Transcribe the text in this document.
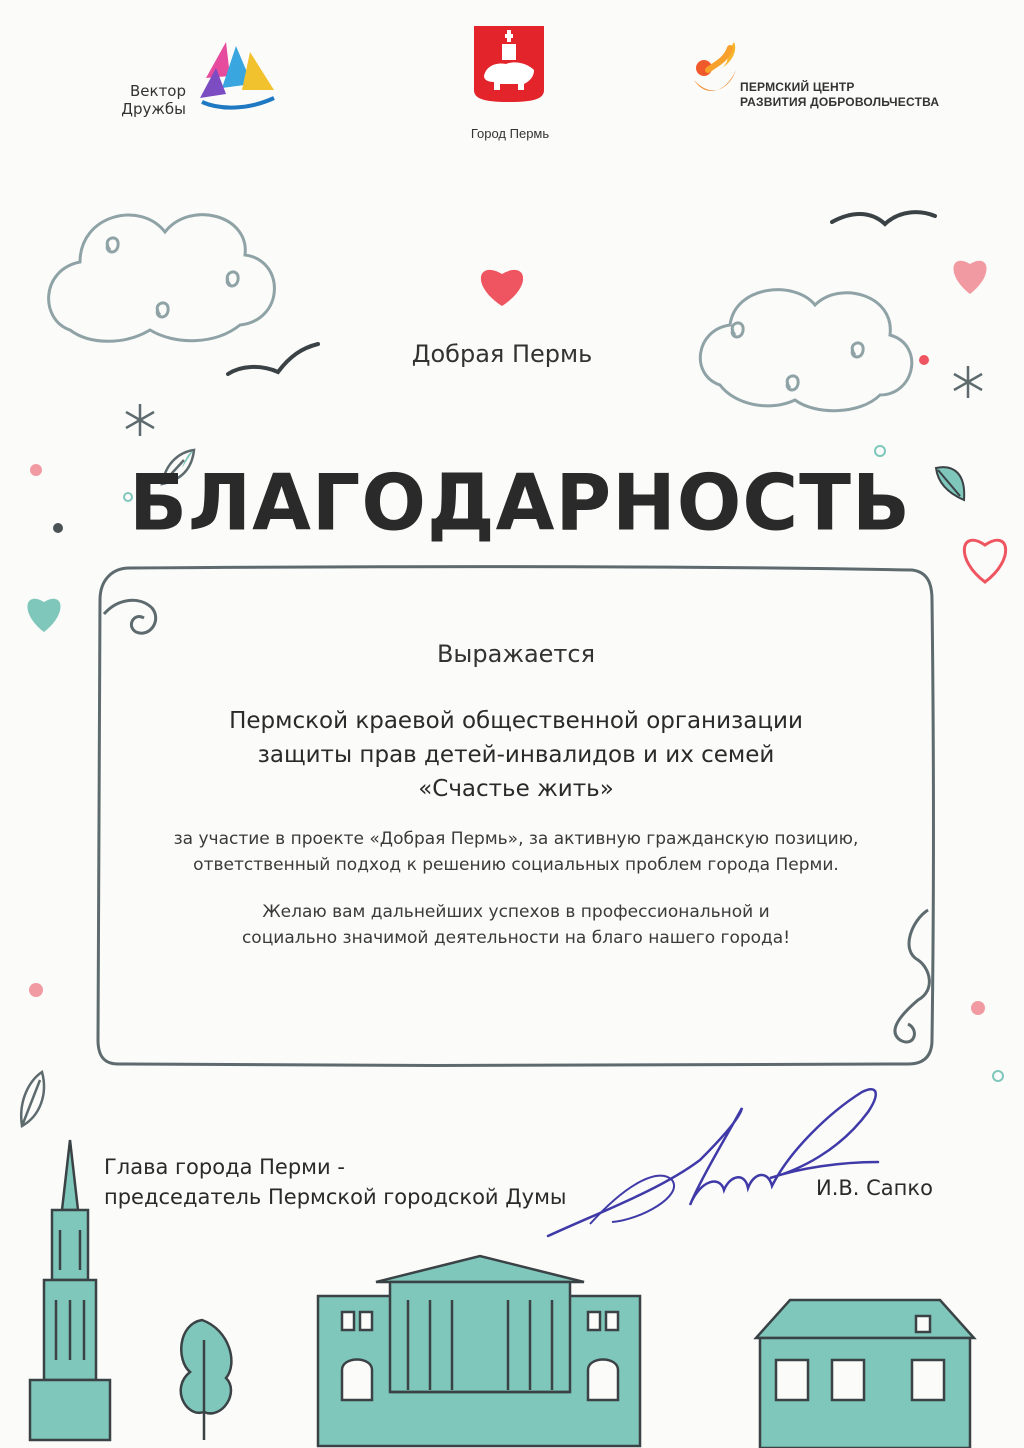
Вектор
Дружбы
Город Пермь
ПЕРМСКИЙ ЦЕНТР
РАЗВИТИЯ ДОБРОВОЛЬЧЕСТВА
Добрая Пермь
БЛАГОДАРНОСТЬ
Выражается
Пермской краевой общественной организации
защиты прав детей-инвалидов и их семей
«Счастье жить»
за участие в проекте «Добрая Пермь», за активную гражданскую позицию,
ответственный подход к решению социальных проблем города Перми.
Желаю вам дальнейших успехов в профессиональной и
социально значимой деятельности на благо нашего города!
Глава города Перми -
председатель Пермской городской Думы	И.В. Сапко
